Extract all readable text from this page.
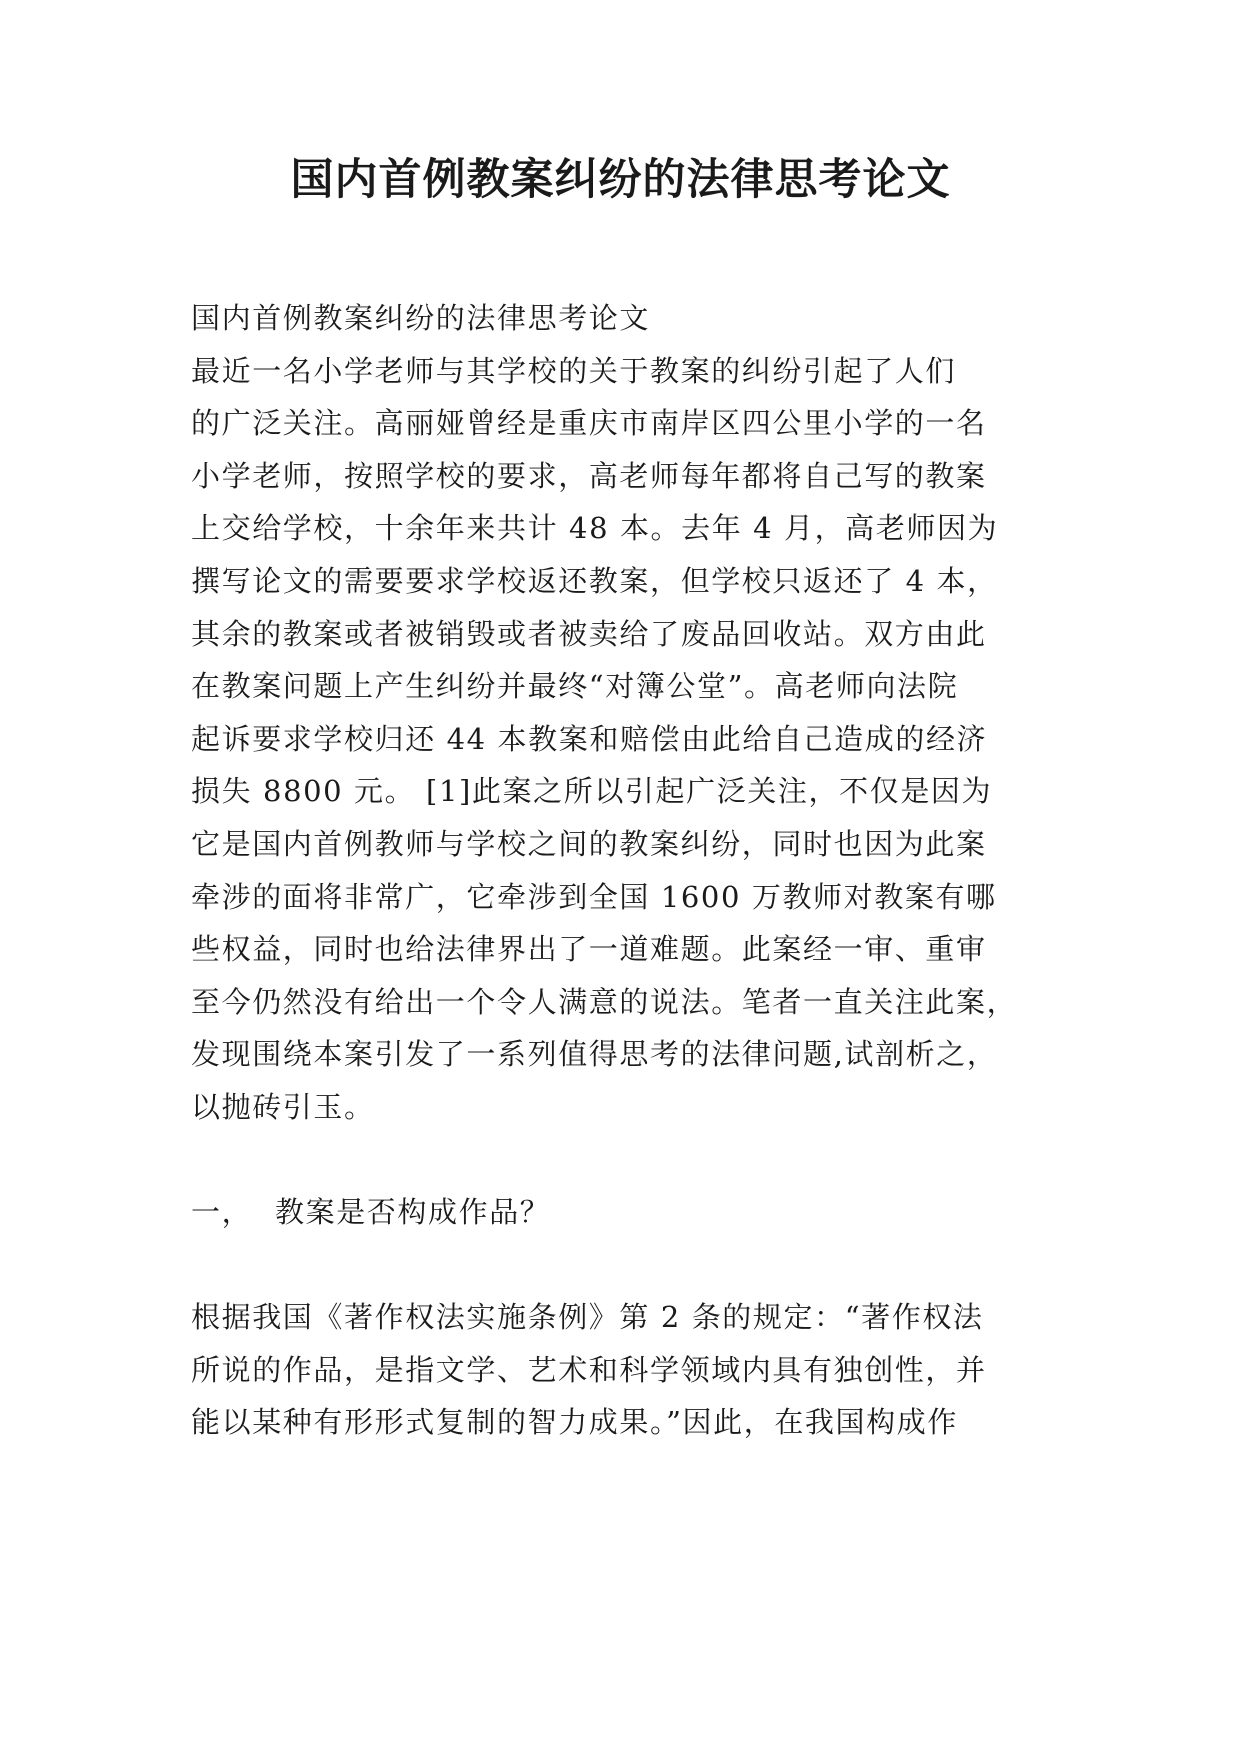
国内首例教案纠纷的法律思考论文
国内首例教案纠纷的法律思考论文
最近一名小学老师与其学校的关于教案的纠纷引起了人们
的广泛关注。高丽娅曾经是重庆市南岸区四公里小学的一名
小学老师，按照学校的要求，高老师每年都将自己写的教案
上交给学校，十余年来共计 48 本。去年 4 月，高老师因为
撰写论文的需要要求学校返还教案，但学校只返还了 4 本，
其余的教案或者被销毁或者被卖给了废品回收站。双方由此
在教案问题上产生纠纷并最终“对簿公堂”。高老师向法院
起诉要求学校归还 44 本教案和赔偿由此给自己造成的经济
损失 8800 元。 [1]此案之所以引起广泛关注，不仅是因为
它是国内首例教师与学校之间的教案纠纷，同时也因为此案
牵涉的面将非常广，它牵涉到全国 1600 万教师对教案有哪
些权益，同时也给法律界出了一道难题。此案经一审、重审
至今仍然没有给出一个令人满意的说法。笔者一直关注此案，
发现围绕本案引发了一系列值得思考的法律问题,试剖析之，
以抛砖引玉。
一， 教案是否构成作品？
根据我国《著作权法实施条例》第 2 条的规定：“著作权法
所说的作品，是指文学、艺术和科学领域内具有独创性，并
能以某种有形形式复制的智力成果。”因此，在我国构成作
